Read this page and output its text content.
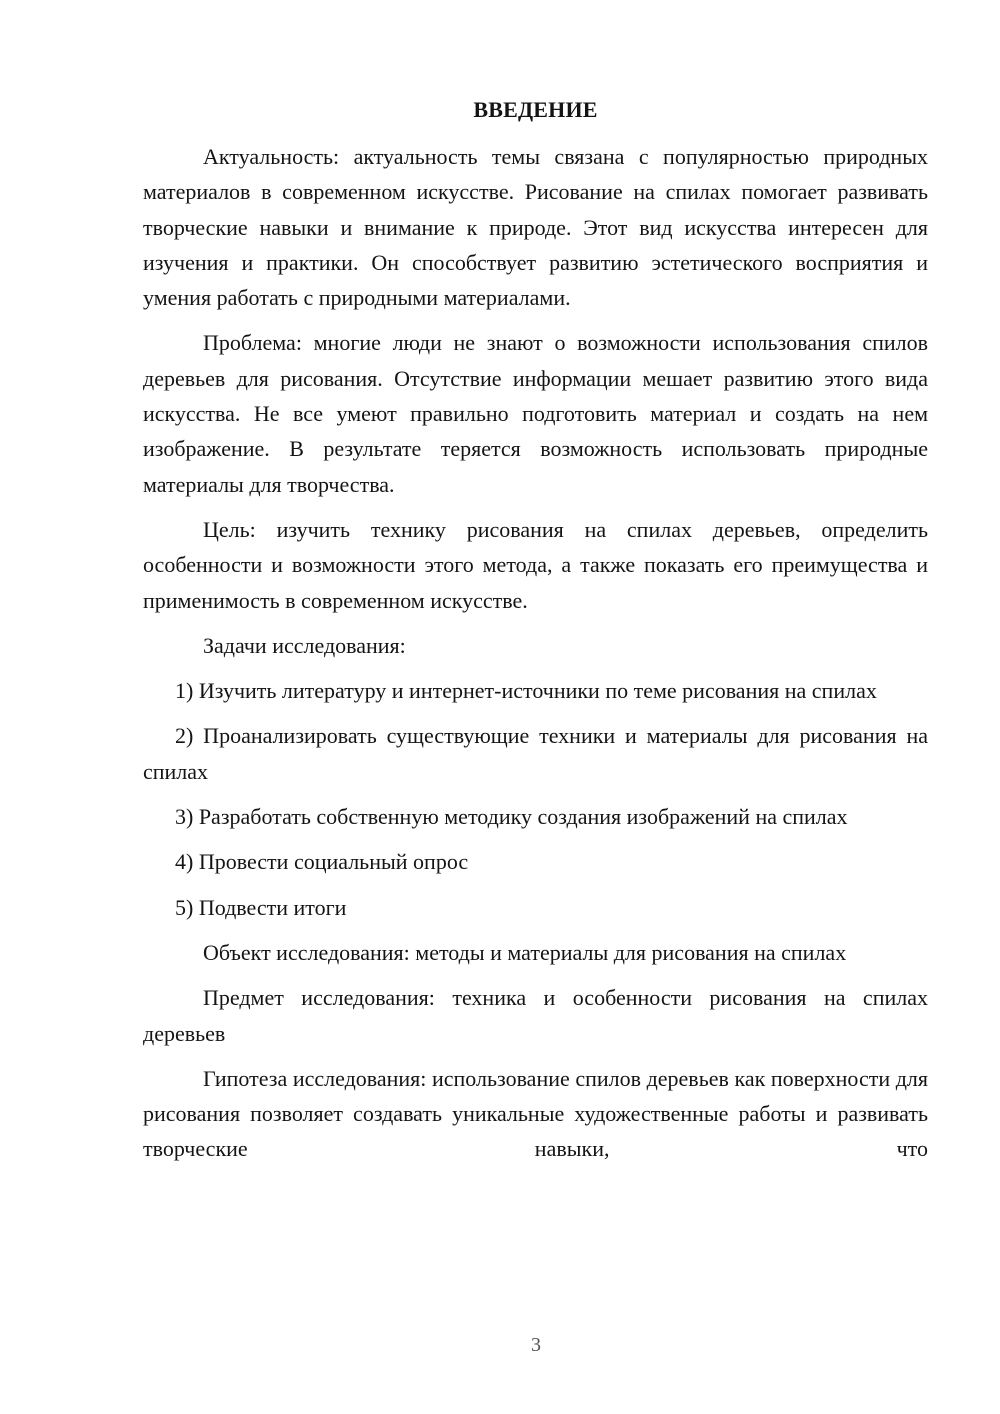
ВВЕДЕНИЕ

Актуальность: актуальность темы связана с популярностью природных материалов в современном искусстве. Рисование на спилах помогает развивать творческие навыки и внимание к природе. Этот вид искусства интересен для изучения и практики. Он способствует развитию эстетического восприятия и умения работать с природными материалами.

Проблема: многие люди не знают о возможности использования спилов деревьев для рисования. Отсутствие информации мешает развитию этого вида искусства. Не все умеют правильно подготовить материал и создать на нем изображение. В результате теряется возможность использовать природные материалы для творчества.

Цель: изучить технику рисования на спилах деревьев, определить особенности и возможности этого метода, а также показать его преимущества и применимость в современном искусстве.

Задачи исследования:

1) Изучить литературу и интернет-источники по теме рисования на спилах

2) Проанализировать существующие техники и материалы для рисования на спилах

3) Разработать собственную методику создания изображений на спилах

4) Провести социальный опрос

5) Подвести итоги

Объект исследования: методы и материалы для рисования на спилах

Предмет исследования: техника и особенности рисования на спилах деревьев

Гипотеза исследования: использование спилов деревьев как поверхности для рисования позволяет создавать уникальные художественные работы и развивать творческие навыки, что

3
